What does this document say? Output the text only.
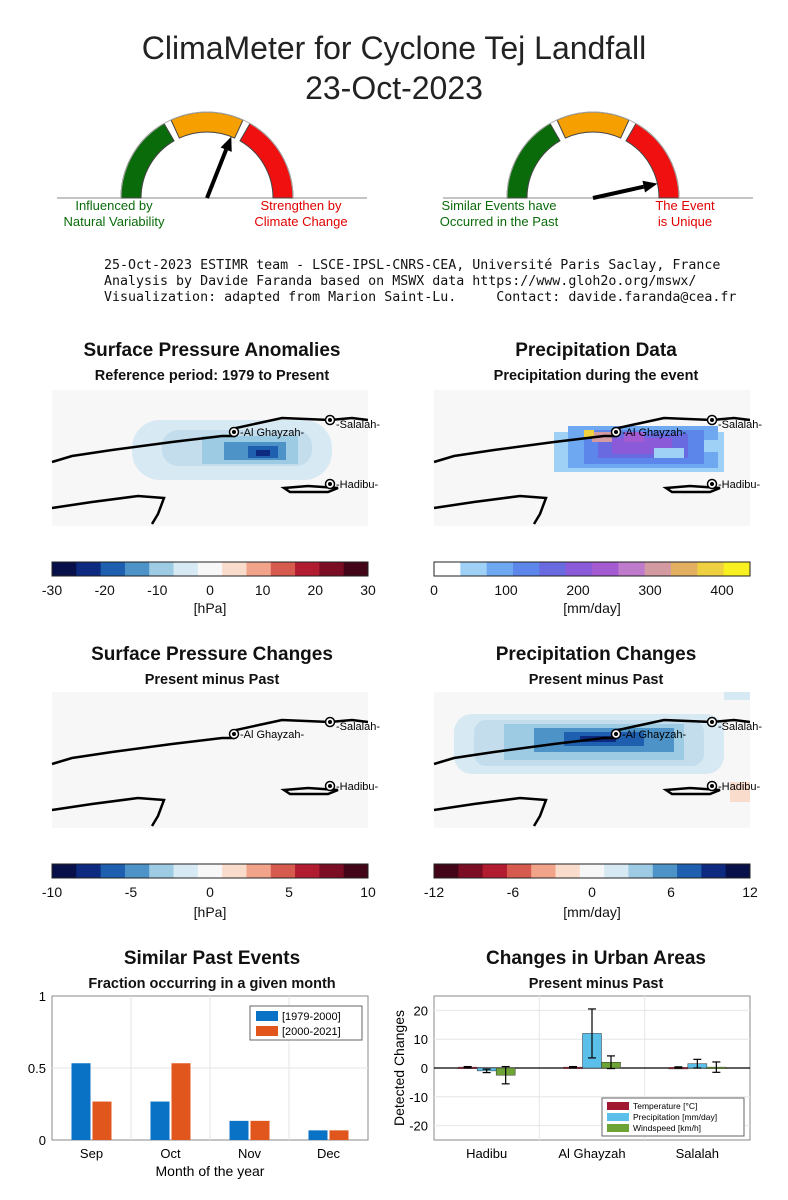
ClimaMeter for Cyclone Tej Landfall
23-Oct-2023
Influenced by
Natural Variability
Strengthen by
Climate Change
Similar Events have
Occurred in the Past
The Event
is Unique
25-Oct-2023 ESTIMR team - LSCE-IPSL-CNRS-CEA, Université Paris Saclay, France
Analysis by Davide Faranda based on MSWX data https://www.gloh2o.org/mswx/
Visualization: adapted from Marion Saint-Lu.     Contact: davide.faranda@cea.fr
Surface Pressure Anomalies
Reference period: 1979 to Present
Precipitation Data
Precipitation during the event
Surface Pressure Changes
Present minus Past
Precipitation Changes
Present minus Past
Similar Past Events
Fraction occurring in a given month
Changes in Urban Areas
Present minus Past
-Al Ghayzah-
-Salalah-
-Hadibu-
-Al Ghayzah-
-Salalah-
-Hadibu-
-Al Ghayzah-
-Salalah-
-Hadibu-
-Al Ghayzah-
-Salalah-
-Hadibu-
-30	-20	-10	0	10	20	30
[hPa]
0	100	200	300	400
[mm/day]
-10	-5	0	5	10
[hPa]
-12	-6	0	6	12
[mm/day]
Sep	Oct	Nov	Dec
0
0.5
1
Month of the year
[1979-2000]
[2000-2021]
Hadibu	Al Ghayzah	Salalah
-20
-10
0
10
20
Detected Changes	Temperature [°C]
Precipitation [mm/day]
Windspeed [km/h]
